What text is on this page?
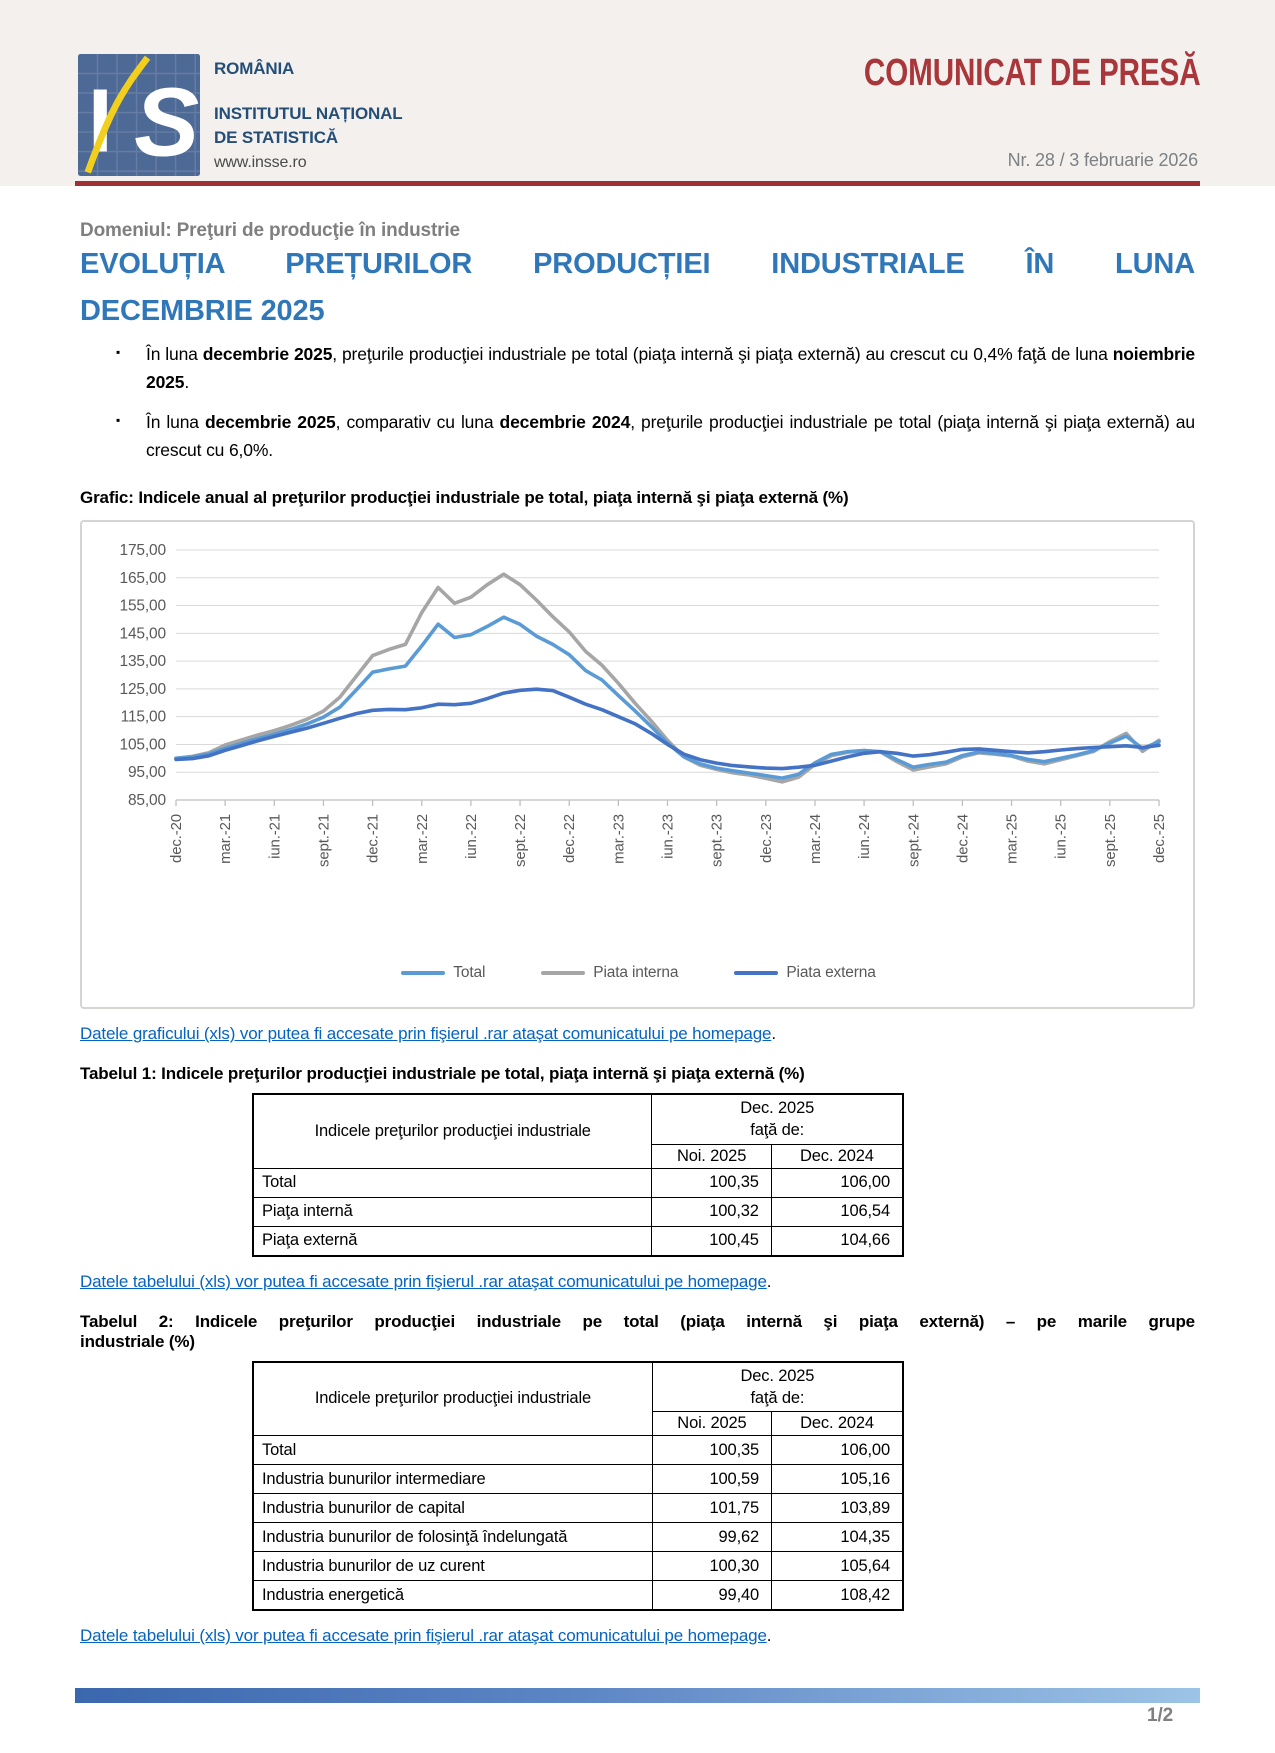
I S ROMÂNIA
INSTITUTUL NAȚIONAL
DE STATISTICĂ
www.insse.ro
COMUNICAT DE PRESĂ
Nr. 28 / 3 februarie 2026
Domeniul: Preţuri de producţie în industrie
EVOLUȚIA PREȚURILOR PRODUCȚIEI INDUSTRIALE ÎN LUNA
DECEMBRIE 2025
▪ În luna decembrie 2025, preţurile producţiei industriale pe total (piaţa internă şi piaţa externă) au crescut cu 0,4% faţă de luna noiembrie 2025.
▪ În luna decembrie 2025, comparativ cu luna decembrie 2024, preţurile producţiei industriale pe total (piaţa internă şi piaţa externă) au crescut cu 6,0%.
Grafic: Indicele anual al preţurilor producţiei industriale pe total, piaţa internă şi piaţa externă (%)
85,00
95,00
105,00
115,00
125,00
135,00
145,00
155,00
165,00
175,00
dec.-20 mar.-21 iun.-21 sept.-21 dec.-21 mar.-22 iun.-22 sept.-22 dec.-22 mar.-23 iun.-23 sept.-23 dec.-23 mar.-24 iun.-24 sept.-24 dec.-24 mar.-25 iun.-25 sept.-25 dec.-25
Total	Piata interna	Piata externa
Datele graficului (xls) vor putea fi accesate prin fişierul .rar ataşat comunicatului pe homepage.
Tabelul 1: Indicele preţurilor producţiei industriale pe total, piaţa internă şi piaţa externă (%)
Indicele preţurilor producţiei industriale	Dec. 2025
faţă de:	

	Noi. 2025	Dec. 2024
Total	100,35	106,00
Piaţa internă	100,32	106,54
Piaţa externă	100,45	104,66
Datele tabelului (xls) vor putea fi accesate prin fişierul .rar ataşat comunicatului pe homepage.
Tabelul 2: Indicele preţurilor producţiei industriale pe total (piaţa internă şi piaţa externă) – pe marile grupe
industriale (%)
Indicele preţurilor producţiei industriale	Dec. 2025
faţă de:	

	Noi. 2025	Dec. 2024
Total	100,35	106,00
Industria bunurilor intermediare	100,59	105,16
Industria bunurilor de capital	101,75	103,89
Industria bunurilor de folosinţă îndelungată	99,62	104,35
Industria bunurilor de uz curent	100,30	105,64
Industria energetică	99,40	108,42
Datele tabelului (xls) vor putea fi accesate prin fişierul .rar ataşat comunicatului pe homepage.
1/2
